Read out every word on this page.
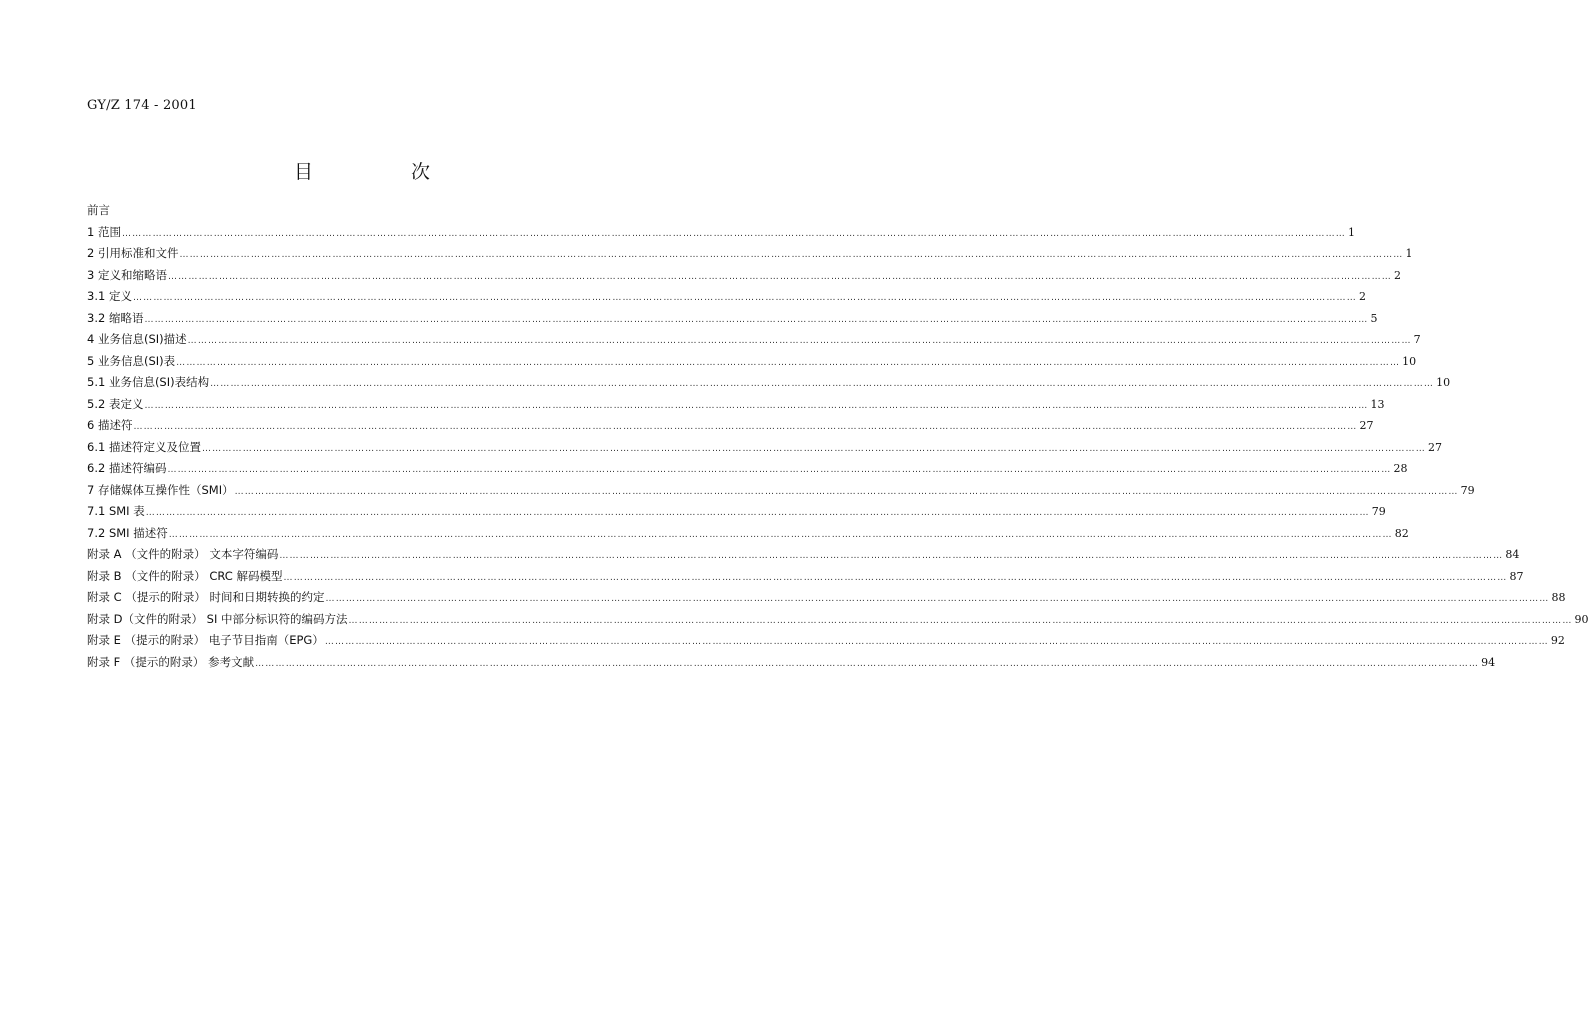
GY/Z 174 - 2001
目 次
前言
1 范围 ……………………………………………………………………………………………………………………………………………………………………………………………………………………………………………………………………………………………………………………………… 1
2 引用标准和文件 ……………………………………………………………………………………………………………………………………………………………………………………………………………………………………………………………………………………………………………………………… 1
3 定义和缩略语 ……………………………………………………………………………………………………………………………………………………………………………………………………………………………………………………………………………………………………………………………… 2
3.1 定义 ……………………………………………………………………………………………………………………………………………………………………………………………………………………………………………………………………………………………………………………………… 2
3.2 缩略语 ……………………………………………………………………………………………………………………………………………………………………………………………………………………………………………………………………………………………………………………………… 5
4 业务信息(SI)描述 ……………………………………………………………………………………………………………………………………………………………………………………………………………………………………………………………………………………………………………………………… 7
5 业务信息(SI)表 ……………………………………………………………………………………………………………………………………………………………………………………………………………………………………………………………………………………………………………………………… 10
5.1 业务信息(SI)表结构 ……………………………………………………………………………………………………………………………………………………………………………………………………………………………………………………………………………………………………………………………… 10
5.2 表定义 ……………………………………………………………………………………………………………………………………………………………………………………………………………………………………………………………………………………………………………………………… 13
6 描述符 ……………………………………………………………………………………………………………………………………………………………………………………………………………………………………………………………………………………………………………………………… 27
6.1 描述符定义及位置 ……………………………………………………………………………………………………………………………………………………………………………………………………………………………………………………………………………………………………………………………… 27
6.2 描述符编码 ……………………………………………………………………………………………………………………………………………………………………………………………………………………………………………………………………………………………………………………………… 28
7 存储媒体互操作性（SMI） ……………………………………………………………………………………………………………………………………………………………………………………………………………………………………………………………………………………………………………………………… 79
7.1 SMI 表 ……………………………………………………………………………………………………………………………………………………………………………………………………………………………………………………………………………………………………………………………… 79
7.2 SMI 描述符 ……………………………………………………………………………………………………………………………………………………………………………………………………………………………………………………………………………………………………………………………… 82
附录 A （文件的附录） 文本字符编码 ……………………………………………………………………………………………………………………………………………………………………………………………………………………………………………………………………………………………………………………………… 84
附录 B （文件的附录） CRC 解码模型 ……………………………………………………………………………………………………………………………………………………………………………………………………………………………………………………………………………………………………………………………… 87
附录 C （提示的附录） 时间和日期转换的约定 ……………………………………………………………………………………………………………………………………………………………………………………………………………………………………………………………………………………………………………………………… 88
附录 D（文件的附录） SI 中部分标识符的编码方法 ……………………………………………………………………………………………………………………………………………………………………………………………………………………………………………………………………………………………………………………………… 90
附录 E （提示的附录） 电子节目指南（EPG） ……………………………………………………………………………………………………………………………………………………………………………………………………………………………………………………………………………………………………………………………… 92
附录 F （提示的附录） 参考文献 ……………………………………………………………………………………………………………………………………………………………………………………………………………………………………………………………………………………………………………………………… 94
